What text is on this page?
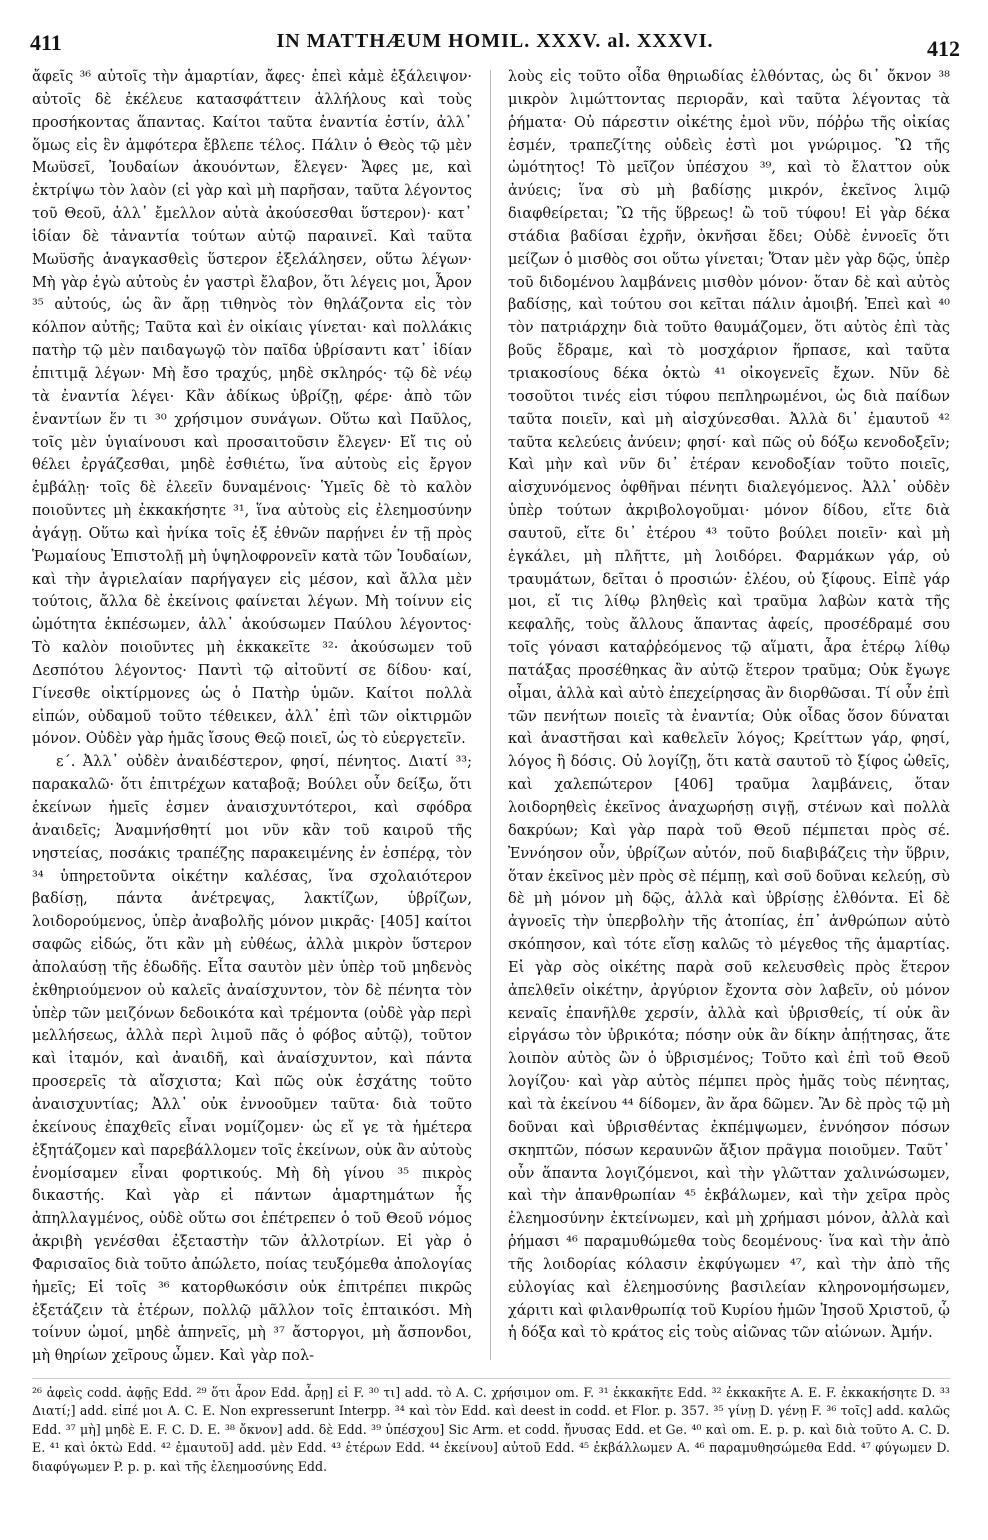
411	IN MATTHÆUM HOMIL. XXXV. al. XXXVI.	412

ἄφεῖς ³⁶ αὐτοῖς τὴν ἁμαρτίαν, ἄφες· ἐπεὶ κἀμὲ ἐξάλειψον· αὐτοῖς δὲ ἐκέλευε κατασφάττειν ἀλλήλους καὶ τοὺς προσήκοντας ἅπαντας. Καίτοι ταῦτα ἐναντία ἐστίν, ἀλλ᾿ ὅμως εἰς ἓν ἀμφότερα ἔβλεπε τέλος. Πάλιν ὁ Θεὸς τῷ μὲν Μωϋσεῖ, Ἰουδαίων ἀκουόντων, ἔλεγεν· Ἄφες με, καὶ ἐκτρίψω τὸν λαὸν (εἰ γὰρ καὶ μὴ παρῆσαν, ταῦτα λέγοντος τοῦ Θεοῦ, ἀλλ᾿ ἔμελλον αὐτὰ ἀκούσεσθαι ὕστερον)· κατ᾿ ἰδίαν δὲ τἀναντία τούτων αὐτῷ παραινεῖ. Καὶ ταῦτα Μωϋσῆς ἀναγκασθεὶς ὕστερον ἐξελάλησεν, οὕτω λέγων· Μὴ γὰρ ἐγὼ αὐτοὺς ἐν γαστρὶ ἔλαβον, ὅτι λέγεις μοι, Ἆρον ³⁵ αὐτούς, ὡς ἂν ἄρῃ τιθηνὸς τὸν θηλάζοντα εἰς τὸν κόλπον αὐτῆς; Ταῦτα καὶ ἐν οἰκίαις γίνεται· καὶ πολλάκις πατὴρ τῷ μὲν παιδαγωγῷ τὸν παῖδα ὑβρίσαντι κατ᾿ ἰδίαν ἐπιτιμᾷ λέγων· Μὴ ἔσο τραχύς, μηδὲ σκληρός· τῷ δὲ νέῳ τὰ ἐναντία λέγει· Κἂν ἀδίκως ὑβρίζῃ, φέρε· ἀπὸ τῶν ἐναντίων ἕν τι ³⁰ χρήσιμον συνάγων. Οὕτω καὶ Παῦλος, τοῖς μὲν ὑγιαίνουσι καὶ προσαιτοῦσιν ἔλεγεν· Εἴ τις οὐ θέλει ἐργάζεσθαι, μηδὲ ἐσθιέτω, ἵνα αὐτοὺς εἰς ἔργον ἐμβάλῃ· τοῖς δὲ ἐλεεῖν δυναμένοις· Ὑμεῖς δὲ τὸ καλὸν ποιοῦντες μὴ ἐκκακήσητε ³¹, ἵνα αὐτοὺς εἰς ἐλεημοσύνην ἀγάγῃ. Οὕτω καὶ ἡνίκα τοῖς ἐξ ἐθνῶν παρῄνει ἐν τῇ πρὸς Ῥωμαίους Ἐπιστολῇ μὴ ὑψηλοφρονεῖν κατὰ τῶν Ἰουδαίων, καὶ τὴν ἀγριελαίαν παρήγαγεν εἰς μέσον, καὶ ἄλλα μὲν τούτοις, ἄλλα δὲ ἐκείνοις φαίνεται λέγων. Μὴ τοίνυν εἰς ὠμότητα ἐκπέσωμεν, ἀλλ᾿ ἀκούσωμεν Παύλου λέγοντος· Τὸ καλὸν ποιοῦντες μὴ ἐκκακεῖτε ³²· ἀκούσωμεν τοῦ Δεσπότου λέγοντος· Παντὶ τῷ αἰτοῦντί σε δίδου· καί, Γίνεσθε οἰκτίρμονες ὡς ὁ Πατὴρ ὑμῶν. Καίτοι πολλὰ εἰπών, οὐδαμοῦ τοῦτο τέθεικεν, ἀλλ᾿ ἐπὶ τῶν οἰκτιρμῶν μόνον. Οὐδὲν γὰρ ἡμᾶς ἴσους Θεῷ ποιεῖ, ὡς τὸ εὐεργετεῖν.

ε΄. Ἀλλ᾿ οὐδὲν ἀναιδέστερον, φησί, πένητος. Διατί ³³; παρακαλῶ· ὅτι ἐπιτρέχων καταβοᾷ; Βούλει οὖν δείξω, ὅτι ἐκείνων ἡμεῖς ἐσμεν ἀναισχυντότεροι, καὶ σφόδρα ἀναιδεῖς; Ἀναμνήσθητί μοι νῦν κἂν τοῦ καιροῦ τῆς νηστείας, ποσάκις τραπέζης παρακειμένης ἐν ἑσπέρᾳ, τὸν ³⁴ ὑπηρετοῦντα οἰκέτην καλέσας, ἵνα σχολαιότερον βαδίσῃ, πάντα ἀνέτρεψας, λακτίζων, ὑβρίζων, λοιδορούμενος, ὑπὲρ ἀναβολῆς μόνον μικρᾶς· [405] καίτοι σαφῶς εἰδώς, ὅτι κἂν μὴ εὐθέως, ἀλλὰ μικρὸν ὕστερον ἀπολαύσῃ τῆς ἐδωδῆς. Εἶτα σαυτὸν μὲν ὑπὲρ τοῦ μηδενὸς ἐκθηριούμενον οὐ καλεῖς ἀναίσχυντον, τὸν δὲ πένητα τὸν ὑπὲρ τῶν μειζόνων δεδοικότα καὶ τρέμοντα (οὐδὲ γὰρ περὶ μελλήσεως, ἀλλὰ περὶ λιμοῦ πᾶς ὁ φόβος αὐτῷ), τοῦτον καὶ ἰταμόν, καὶ ἀναιδῆ, καὶ ἀναίσχυντον, καὶ πάντα προσερεῖς τὰ αἴσχιστα; Καὶ πῶς οὐκ ἐσχάτης τοῦτο ἀναισχυντίας; Ἀλλ᾿ οὐκ ἐννοοῦμεν ταῦτα· διὰ τοῦτο ἐκείνους ἐπαχθεῖς εἶναι νομίζομεν· ὡς εἴ γε τὰ ἡμέτερα ἐξητάζομεν καὶ παρεβάλλομεν τοῖς ἐκείνων, οὐκ ἂν αὐτοὺς ἐνομίσαμεν εἶναι φορτικούς. Μὴ δὴ γίνου ³⁵ πικρὸς δικαστής. Καὶ γὰρ εἰ πάντων ἁμαρτημάτων ἦς ἀπηλλαγμένος, οὐδὲ οὕτω σοι ἐπέτρεπεν ὁ τοῦ Θεοῦ νόμος ἀκριβὴ γενέσθαι ἐξεταστὴν τῶν ἀλλοτρίων. Εἰ γὰρ ὁ Φαρισαῖος διὰ τοῦτο ἀπώλετο, ποίας τευξόμεθα ἀπολογίας ἡμεῖς; Εἰ τοῖς ³⁶ κατορθωκόσιν οὐκ ἐπιτρέπει πικρῶς ἐξετάζειν τὰ ἑτέρων, πολλῷ μᾶλλον τοῖς ἐπταικόσι. Μὴ τοίνυν ὠμοί, μηδὲ ἀπηνεῖς, μὴ ³⁷ ἄστοργοι, μὴ ἄσπονδοι, μὴ θηρίων χεῖρους ὦμεν. Καὶ γὰρ πολ-

λοὺς εἰς τοῦτο οἶδα θηριωδίας ἐλθόντας, ὡς δι᾿ ὄκνον ³⁸ μικρὸν λιμώττοντας περιορᾶν, καὶ ταῦτα λέγοντας τὰ ῥήματα· Οὐ πάρεστιν οἰκέτης ἐμοὶ νῦν, πόῤῥω τῆς οἰκίας ἐσμέν, τραπεζίτης οὐδεὶς ἐστὶ μοι γνώριμος. Ὢ τῆς ὠμότητος! Τὸ μεῖζον ὑπέσχου ³⁹, καὶ τὸ ἔλαττον οὐκ ἀνύεις; ἵνα σὺ μὴ βαδίσῃς μικρόν, ἐκεῖνος λιμῷ διαφθείρεται; Ὢ τῆς ὕβρεως! ὢ τοῦ τύφου! Εἰ γὰρ δέκα στάδια βαδίσαι ἐχρῆν, ὀκνῆσαι ἔδει; Οὐδὲ ἐννοεῖς ὅτι μείζων ὁ μισθὸς σοι οὕτω γίνεται; Ὅταν μὲν γὰρ δῷς, ὑπὲρ τοῦ διδομένου λαμβάνεις μισθὸν μόνον· ὅταν δὲ καὶ αὐτὸς βαδίσῃς, καὶ τούτου σοι κεῖται πάλιν ἀμοιβή. Ἐπεὶ καὶ ⁴⁰ τὸν πατριάρχην διὰ τοῦτο θαυμάζομεν, ὅτι αὐτὸς ἐπὶ τὰς βοῦς ἔδραμε, καὶ τὸ μοσχάριον ἥρπασε, καὶ ταῦτα τριακοσίους δέκα ὀκτὼ ⁴¹ οἰκογενεῖς ἔχων. Νῦν δὲ τοσοῦτοι τινές εἰσι τύφου πεπληρωμένοι, ὡς διὰ παίδων ταῦτα ποιεῖν, καὶ μὴ αἰσχύνεσθαι. Ἀλλὰ δι᾿ ἐμαυτοῦ ⁴² ταῦτα κελεύεις ἀνύειν; φησί· καὶ πῶς οὐ δόξω κενοδοξεῖν; Καὶ μὴν καὶ νῦν δι᾿ ἑτέραν κενοδοξίαν τοῦτο ποιεῖς, αἰσχυνόμενος ὀφθῆναι πένητι διαλεγόμενος. Ἀλλ᾿ οὐδὲν ὑπὲρ τούτων ἀκριβολογοῦμαι· μόνον δίδου, εἴτε διὰ σαυτοῦ, εἴτε δι᾿ ἑτέρου ⁴³ τοῦτο βούλει ποιεῖν· καὶ μὴ ἐγκάλει, μὴ πλῆττε, μὴ λοιδόρει. Φαρμάκων γάρ, οὐ τραυμάτων, δεῖται ὁ προσιών· ἐλέου, οὐ ξίφους. Εἰπὲ γάρ μοι, εἴ τις λίθῳ βληθεὶς καὶ τραῦμα λαβὼν κατὰ τῆς κεφαλῆς, τοὺς ἄλλους ἅπαντας ἀφείς, προσέδραμέ σου τοῖς γόνασι καταῤῥεόμενος τῷ αἵματι, ἆρα ἑτέρῳ λίθῳ πατάξας προσέθηκας ἂν αὐτῷ ἕτερον τραῦμα; Οὐκ ἔγωγε οἶμαι, ἀλλὰ καὶ αὐτὸ ἐπεχείρησας ἂν διορθῶσαι. Τί οὖν ἐπὶ τῶν πενήτων ποιεῖς τὰ ἐναντία; Οὐκ οἶδας ὅσον δύναται καὶ ἀναστῆσαι καὶ καθελεῖν λόγος; Κρείττων γάρ, φησί, λόγος ἢ δόσις. Οὐ λογίζῃ, ὅτι κατὰ σαυτοῦ τὸ ξίφος ὠθεῖς, καὶ χαλεπώτερον [406] τραῦμα λαμβάνεις, ὅταν λοιδορηθεὶς ἐκεῖνος ἀναχωρήσῃ σιγῇ, στένων καὶ πολλὰ δακρύων; Καὶ γὰρ παρὰ τοῦ Θεοῦ πέμπεται πρὸς σέ. Ἐννόησον οὖν, ὑβρίζων αὐτόν, ποῦ διαβιβάζεις τὴν ὕβριν, ὅταν ἐκεῖνος μὲν πρὸς σὲ πέμπῃ, καὶ σοῦ δοῦναι κελεύῃ, σὺ δὲ μὴ μόνον μὴ δῷς, ἀλλὰ καὶ ὑβρίσῃς ἐλθόντα. Εἰ δὲ ἀγνοεῖς τὴν ὑπερβολὴν τῆς ἀτοπίας, ἐπ᾿ ἀνθρώπων αὐτὸ σκόπησον, καὶ τότε εἴσῃ καλῶς τὸ μέγεθος τῆς ἁμαρτίας. Εἰ γὰρ σὸς οἰκέτης παρὰ σοῦ κελευσθεὶς πρὸς ἕτερον ἀπελθεῖν οἰκέτην, ἀργύριον ἔχοντα σὸν λαβεῖν, οὐ μόνον κεναῖς ἐπανῆλθε χερσίν, ἀλλὰ καὶ ὑβρισθείς, τί οὐκ ἂν εἰργάσω τὸν ὑβρικότα; πόσην οὐκ ἂν δίκην ἀπῄτησας, ἅτε λοιπὸν αὐτὸς ὢν ὁ ὑβρισμένος; Τοῦτο καὶ ἐπὶ τοῦ Θεοῦ λογίζου· καὶ γὰρ αὐτὸς πέμπει πρὸς ἡμᾶς τοὺς πένητας, καὶ τὰ ἐκείνου ⁴⁴ δίδομεν, ἂν ἄρα δῶμεν. Ἂν δὲ πρὸς τῷ μὴ δοῦναι καὶ ὑβρισθέντας ἐκπέμψωμεν, ἐννόησον πόσων σκηπτῶν, πόσων κεραυνῶν ἄξιον πρᾶγμα ποιοῦμεν. Ταῦτ᾿ οὖν ἅπαντα λογιζόμενοι, καὶ τὴν γλῶτταν χαλινώσωμεν, καὶ τὴν ἀπανθρωπίαν ⁴⁵ ἐκβάλωμεν, καὶ τὴν χεῖρα πρὸς ἐλεημοσύνην ἐκτείνωμεν, καὶ μὴ χρήμασι μόνον, ἀλλὰ καὶ ῥήμασι ⁴⁶ παραμυθώμεθα τοὺς δεομένους· ἵνα καὶ τὴν ἀπὸ τῆς λοιδορίας κόλασιν ἐκφύγωμεν ⁴⁷, καὶ τὴν ἀπὸ τῆς εὐλογίας καὶ ἐλεημοσύνης βασιλείαν κληρονομήσωμεν, χάριτι καὶ φιλανθρωπίᾳ τοῦ Κυρίου ἡμῶν Ἰησοῦ Χριστοῦ, ᾧ ἡ δόξα καὶ τὸ κράτος εἰς τοὺς αἰῶνας τῶν αἰώνων. Ἀμήν.

²⁶ ἀφεὶς codd. ἀφῇς Edd. ²⁹ ὅτι ἆρον Edd. ἆρῃ] εἰ F. ³⁰ τι] add. τὸ A. C. χρήσιμον om. F. ³¹ ἐκκακῆτε Edd. ³² ἐκκακῆτε A. E. F. ἐκκακήσητε D. ³³ Διατί;] add. εἰπέ μοι A. C. E. Non expresserunt Interpp. ³⁴ καὶ τὸν Edd. καὶ deest in codd. et Flor. p. 357. ³⁵ γίνῃ D. γένῃ F. ³⁶ τοῖς] add. καλῶς Edd. ³⁷ μὴ] μηδὲ E. F. C. D. E. ³⁸ ὄκνον] add. δὲ Edd. ³⁹ ὑπέσχου] Sic Arm. et codd. ἤνυσας Edd. et Ge. ⁴⁰ καὶ om. E. p. p. καὶ διὰ τοῦτο A. C. D. E. ⁴¹ καὶ ὀκτὼ Edd. ⁴² ἐμαυτοῦ] add. μὲν Edd. ⁴³ ἑτέρων Edd. ⁴⁴ ἐκείνου] αὐτοῦ Edd. ⁴⁵ ἐκβάλλωμεν A. ⁴⁶ παραμυθησώμεθα Edd. ⁴⁷ φύγωμεν D. διαφύγωμεν P. p. p. καὶ τῆς ἐλεημοσύνης Edd.
